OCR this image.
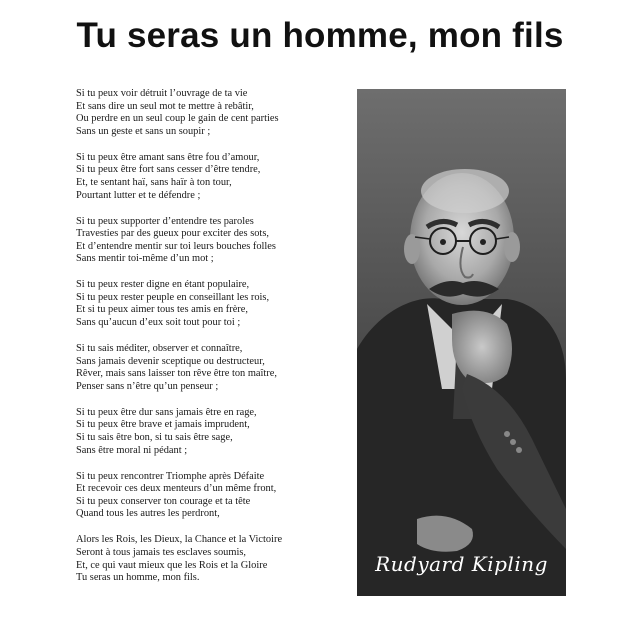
Tu seras un homme, mon fils
Si tu peux voir détruit l’ouvrage de ta vie
Et sans dire un seul mot te mettre à rebâtir,
Ou perdre en un seul coup le gain de cent parties
Sans un geste et sans un soupir ;
Si tu peux être amant sans être fou d’amour,
Si tu peux être fort sans cesser d’être tendre,
Et, te sentant haï, sans haïr à ton tour,
Pourtant lutter et te défendre ;
Si tu peux supporter d’entendre tes paroles
Travesties par des gueux pour exciter des sots,
Et d’entendre mentir sur toi leurs bouches folles
Sans mentir toi-même d’un mot ;
Si tu peux rester digne en étant populaire,
Si tu peux rester peuple en conseillant les rois,
Et si tu peux aimer tous tes amis en frère,
Sans qu’aucun d’eux soit tout pour toi ;
Si tu sais méditer, observer et connaître,
Sans jamais devenir sceptique ou destructeur,
Rêver, mais sans laisser ton rêve être ton maître,
Penser sans n’être qu’un penseur ;
Si tu peux être dur sans jamais être en rage,
Si tu peux être brave et jamais imprudent,
Si tu sais être bon, si tu sais être sage,
Sans être moral ni pédant ;
Si tu peux rencontrer Triomphe après Défaite
Et recevoir ces deux menteurs d’un même front,
Si tu peux conserver ton courage et ta tête
Quand tous les autres les perdront,
Alors les Rois, les Dieux, la Chance et la Victoire
Seront à tous jamais tes esclaves soumis,
Et, ce qui vaut mieux que les Rois et la Gloire
Tu seras un homme, mon fils.
Rudyard Kipling
